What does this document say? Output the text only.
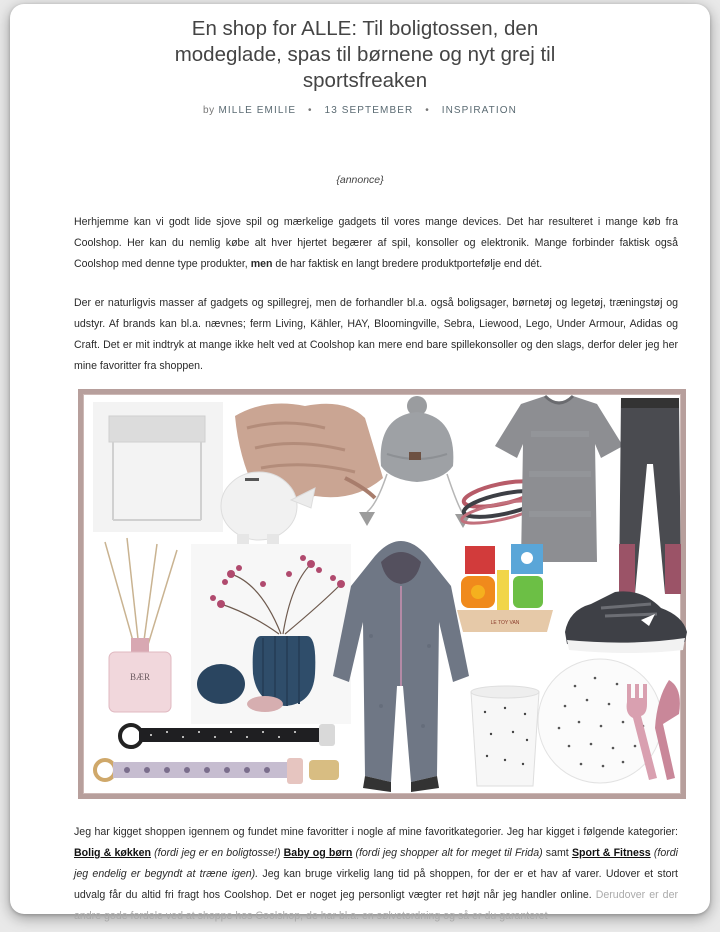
En shop for ALLE: Til boligtossen, den modeglade, spas til børnene og nyt grej til sportsfreaken
by MILLE EMILIE • 13 SEPTEMBER • INSPIRATION
{annonce}

Herhjemme kan vi godt lide sjove spil og mærkelige gadgets til vores mange devices. Det har resulteret i mange køb fra Coolshop. Her kan du nemlig købe alt hver hjertet begærer af spil, konsoller og elektronik. Mange forbinder faktisk også Coolshop med denne type produkter, men de har faktisk en langt bredere produktportefølje end dét.

Der er naturligvis masser af gadgets og spillegrej, men de forhandler bl.a. også boligsager, børnetøj og legetøj, træningstøj og udstyr. Af brands kan bl.a. nævnes; ferm Living, Kähler, HAY, Bloomingville, Sebra, Liewood, Lego, Under Armour, Adidas og Craft. Det er mit indtryk at mange ikke helt ved at Coolshop kan mere end bare spillekonsoller og den slags, derfor deler jeg her mine favoritter fra shoppen.

BÆR
LE TOY VAN

Jeg har kigget shoppen igennem og fundet mine favoritter i nogle af mine favoritkategorier. Jeg har kigget i følgende kategorier: Bolig & køkken (fordi jeg er en boligtosse!) Baby og børn (fordi jeg shopper alt for meget til Frida) samt Sport & Fitness (fordi jeg endelig er begyndt at træne igen). Jeg kan bruge virkelig lang tid på shoppen, for der er et hav af varer. Udover et stort udvalg får du altid fri fragt hos Coolshop. Det er noget jeg personligt vægter ret højt når jeg handler online. Derudover er der andre gode fordele ved at shoppe hos Coolshop, de har bl.a. en sølvetordning og så er du garanteret
